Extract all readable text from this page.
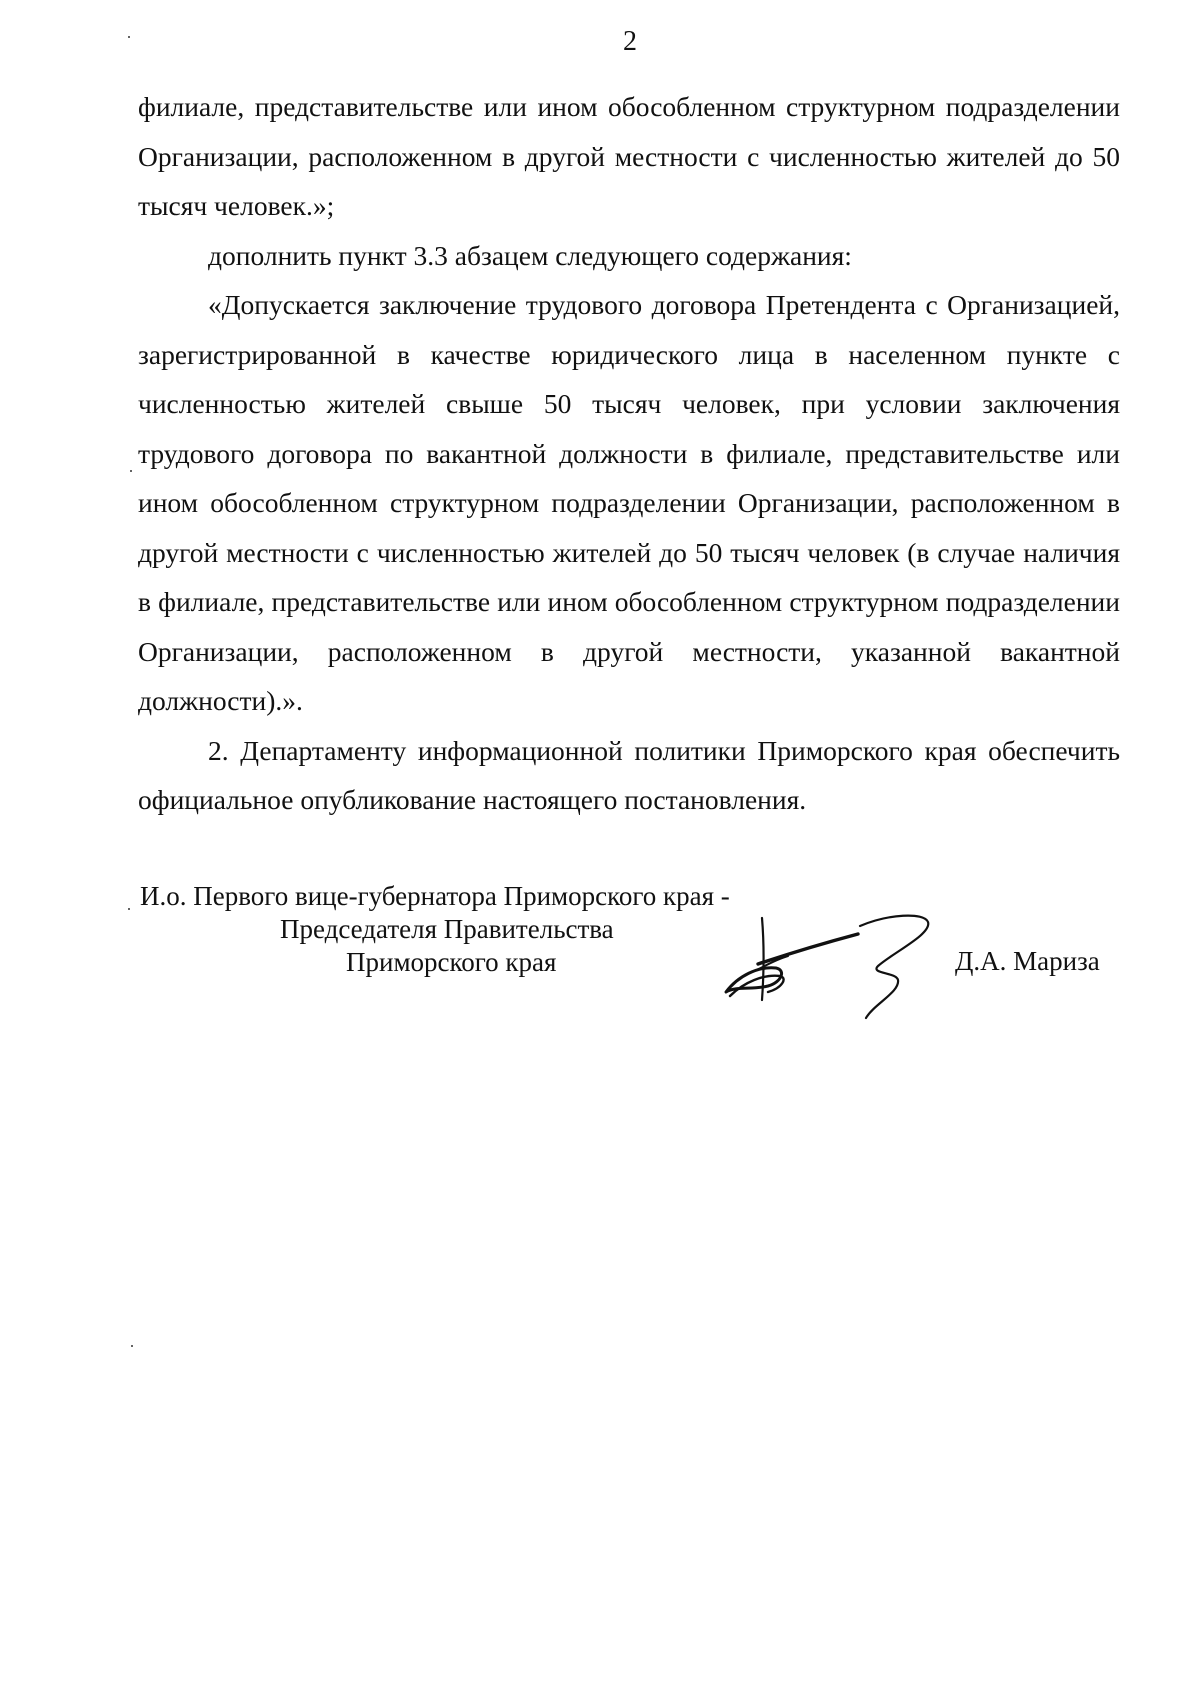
2

филиале, представительстве или ином обособленном структурном подразделении Организации, расположенном в другой местности с численностью жителей до 50 тысяч человек.»;

дополнить пункт 3.3 абзацем следующего содержания:

«Допускается заключение трудового договора Претендента с Организацией, зарегистрированной в качестве юридического лица в населенном пункте с численностью жителей свыше 50 тысяч человек, при условии заключения трудового договора по вакантной должности в филиале, представительстве или ином обособленном структурном подразделении Организации, расположенном в другой местности с численностью жителей до 50 тысяч человек (в случае наличия в филиале, представительстве или ином обособленном структурном подразделении Организации, расположенном в другой местности, указанной вакантной должности).».

2. Департаменту информационной политики Приморского края обеспечить официальное опубликование настоящего постановления.

И.о. Первого вице-губернатора Приморского края -
Председателя Правительства
Приморского края	Д.А. Мариза
